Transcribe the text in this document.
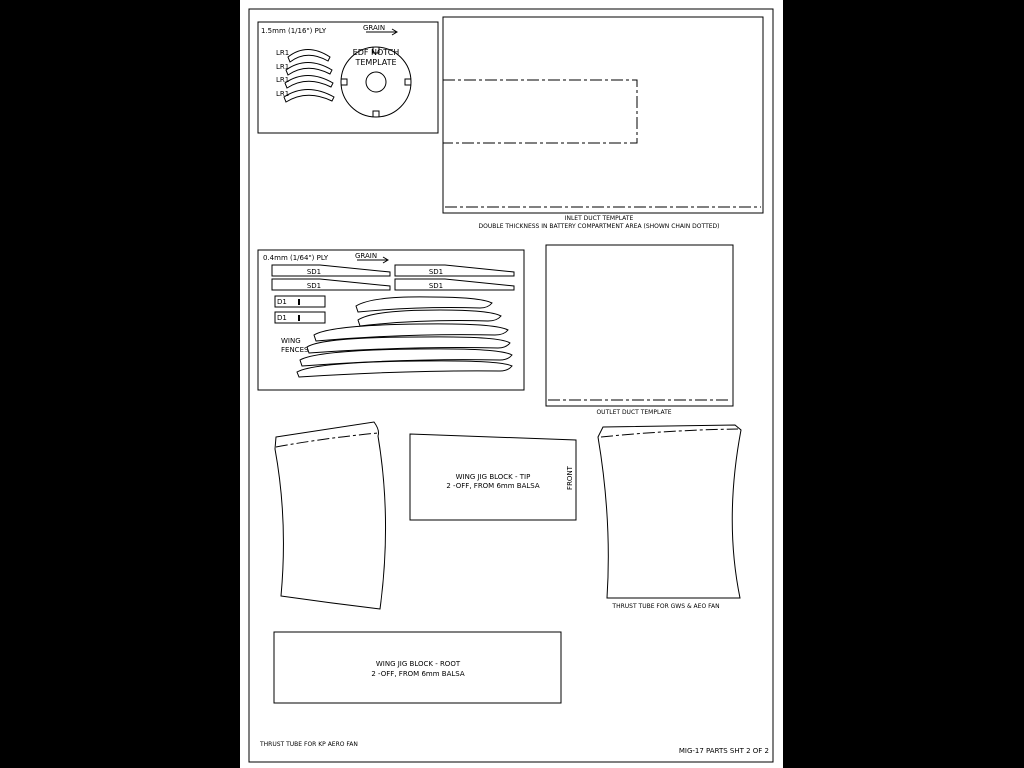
1.5mm (1/16") PLY	GRAIN
LR1
LR1
LR1
LR1
EDF NOTCH
TEMPLATE
INLET DUCT TEMPLATE
DOUBLE THICKNESS IN BATTERY COMPARTMENT AREA (SHOWN CHAIN DOTTED)
0.4mm (1/64") PLY	GRAIN
SD1
SD1
SD1
SD1
D1
D1
WING
FENCES
OUTLET DUCT TEMPLATE
WING JIG BLOCK - TIP
2 -OFF, FROM 6mm BALSA	FRONT
THRUST TUBE FOR GWS & AEO FAN
WING JIG BLOCK - ROOT
2 -OFF, FROM 6mm BALSA
THRUST TUBE FOR KP AERO FAN
MIG-17 PARTS SHT 2 OF 2
